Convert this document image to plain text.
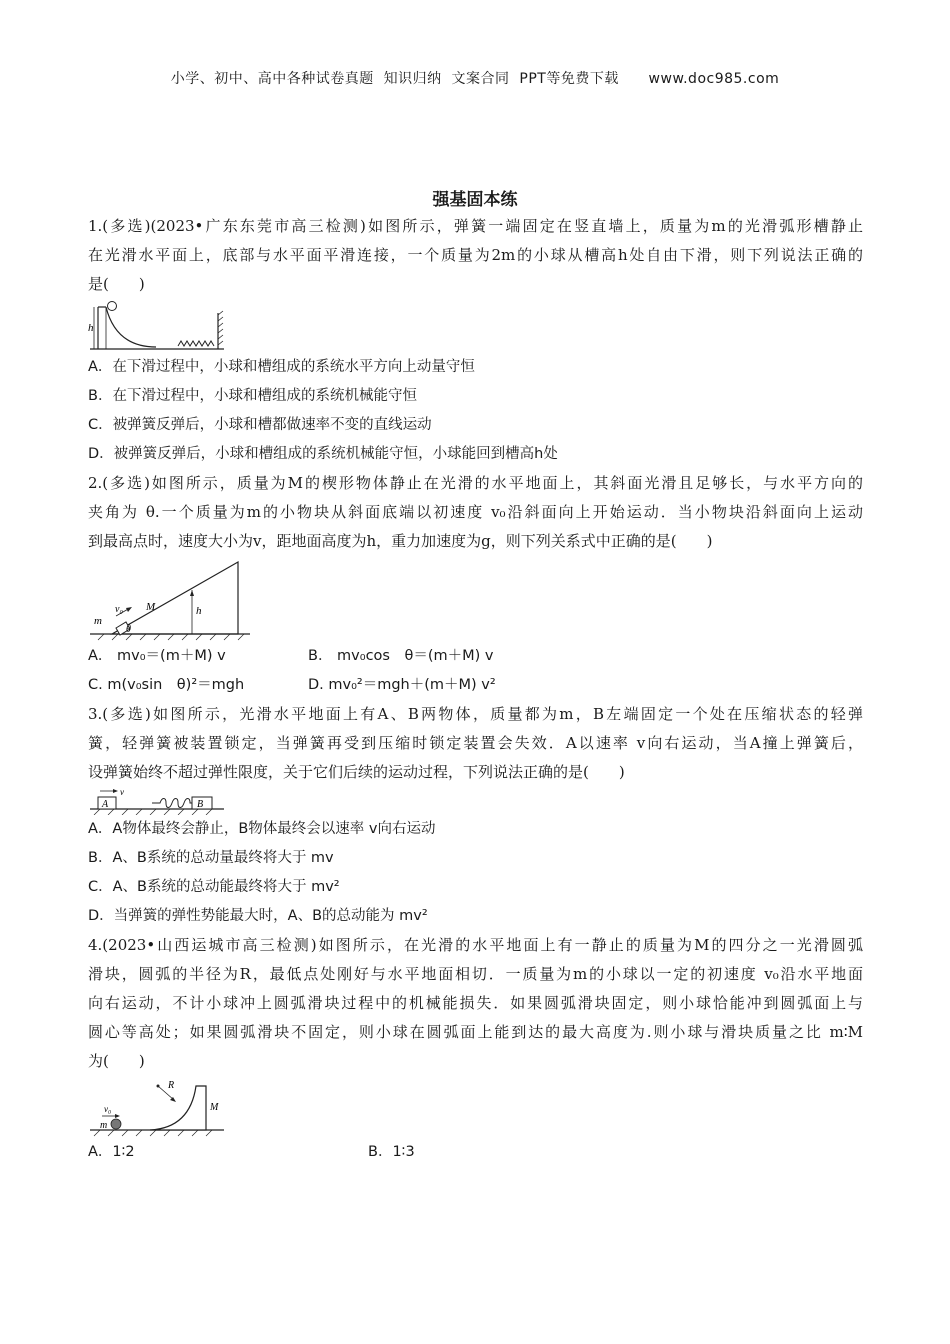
小学、初中、高中各种试卷真题  知识归纳  文案合同  PPT等免费下载      www.doc985.com
强基固本练
1.(多选)(2023•广东东莞市高三检测)如图所示，弹簧一端固定在竖直墙上，质量为m的光滑弧形槽静止
在光滑水平面上，底部与水平面平滑连接，一个质量为2m的小球从槽高h处自由下滑，则下列说法正确的
是(　　)
h
A．在下滑过程中，小球和槽组成的系统水平方向上动量守恒
B．在下滑过程中，小球和槽组成的系统机械能守恒
C．被弹簧反弹后，小球和槽都做速率不变的直线运动
D．被弹簧反弹后，小球和槽组成的系统机械能守恒，小球能回到槽高h处
2.(多选)如图所示，质量为M的楔形物体静止在光滑的水平地面上，其斜面光滑且足够长，与水平方向的
夹角为 θ.一个质量为m的小物块从斜面底端以初速度 v₀沿斜面向上开始运动．当小物块沿斜面向上运动
到最高点时，速度大小为v，距地面高度为h，重力加速度为g，则下列关系式中正确的是(　　)
h
m
v₀ M
θ
A． mv₀＝(m＋M) v	B． mv₀cos　θ＝(m＋M) v
C. m(v₀sin　θ)²＝mgh	D. mv₀²＝mgh＋(m＋M) v²
3.(多选)如图所示，光滑水平地面上有A、B两物体，质量都为m，B左端固定一个处在压缩状态的轻弹
簧，轻弹簧被装置锁定，当弹簧再受到压缩时锁定装置会失效．A以速率 v向右运动，当A撞上弹簧后，
设弹簧始终不超过弹性限度，关于它们后续的运动过程，下列说法正确的是(　　)
A
v
B
A．A物体最终会静止，B物体最终会以速率 v向右运动
B．A、B系统的总动量最终将大于 mv
C．A、B系统的总动能最终将大于 mv²
D．当弹簧的弹性势能最大时，A、B的总动能为 mv²
4.(2023•山西运城市高三检测)如图所示，在光滑的水平地面上有一静止的质量为M的四分之一光滑圆弧
滑块，圆弧的半径为R，最低点处刚好与水平地面相切．一质量为m的小球以一定的初速度 v₀沿水平地面
向右运动，不计小球冲上圆弧滑块过程中的机械能损失．如果圆弧滑块固定，则小球恰能冲到圆弧面上与
圆心等高处；如果圆弧滑块不固定，则小球在圆弧面上能到达的最大高度为.则小球与滑块质量之比 m∶M
为(　　)
m
v₀
R
M
A．1∶2	B．1∶3
